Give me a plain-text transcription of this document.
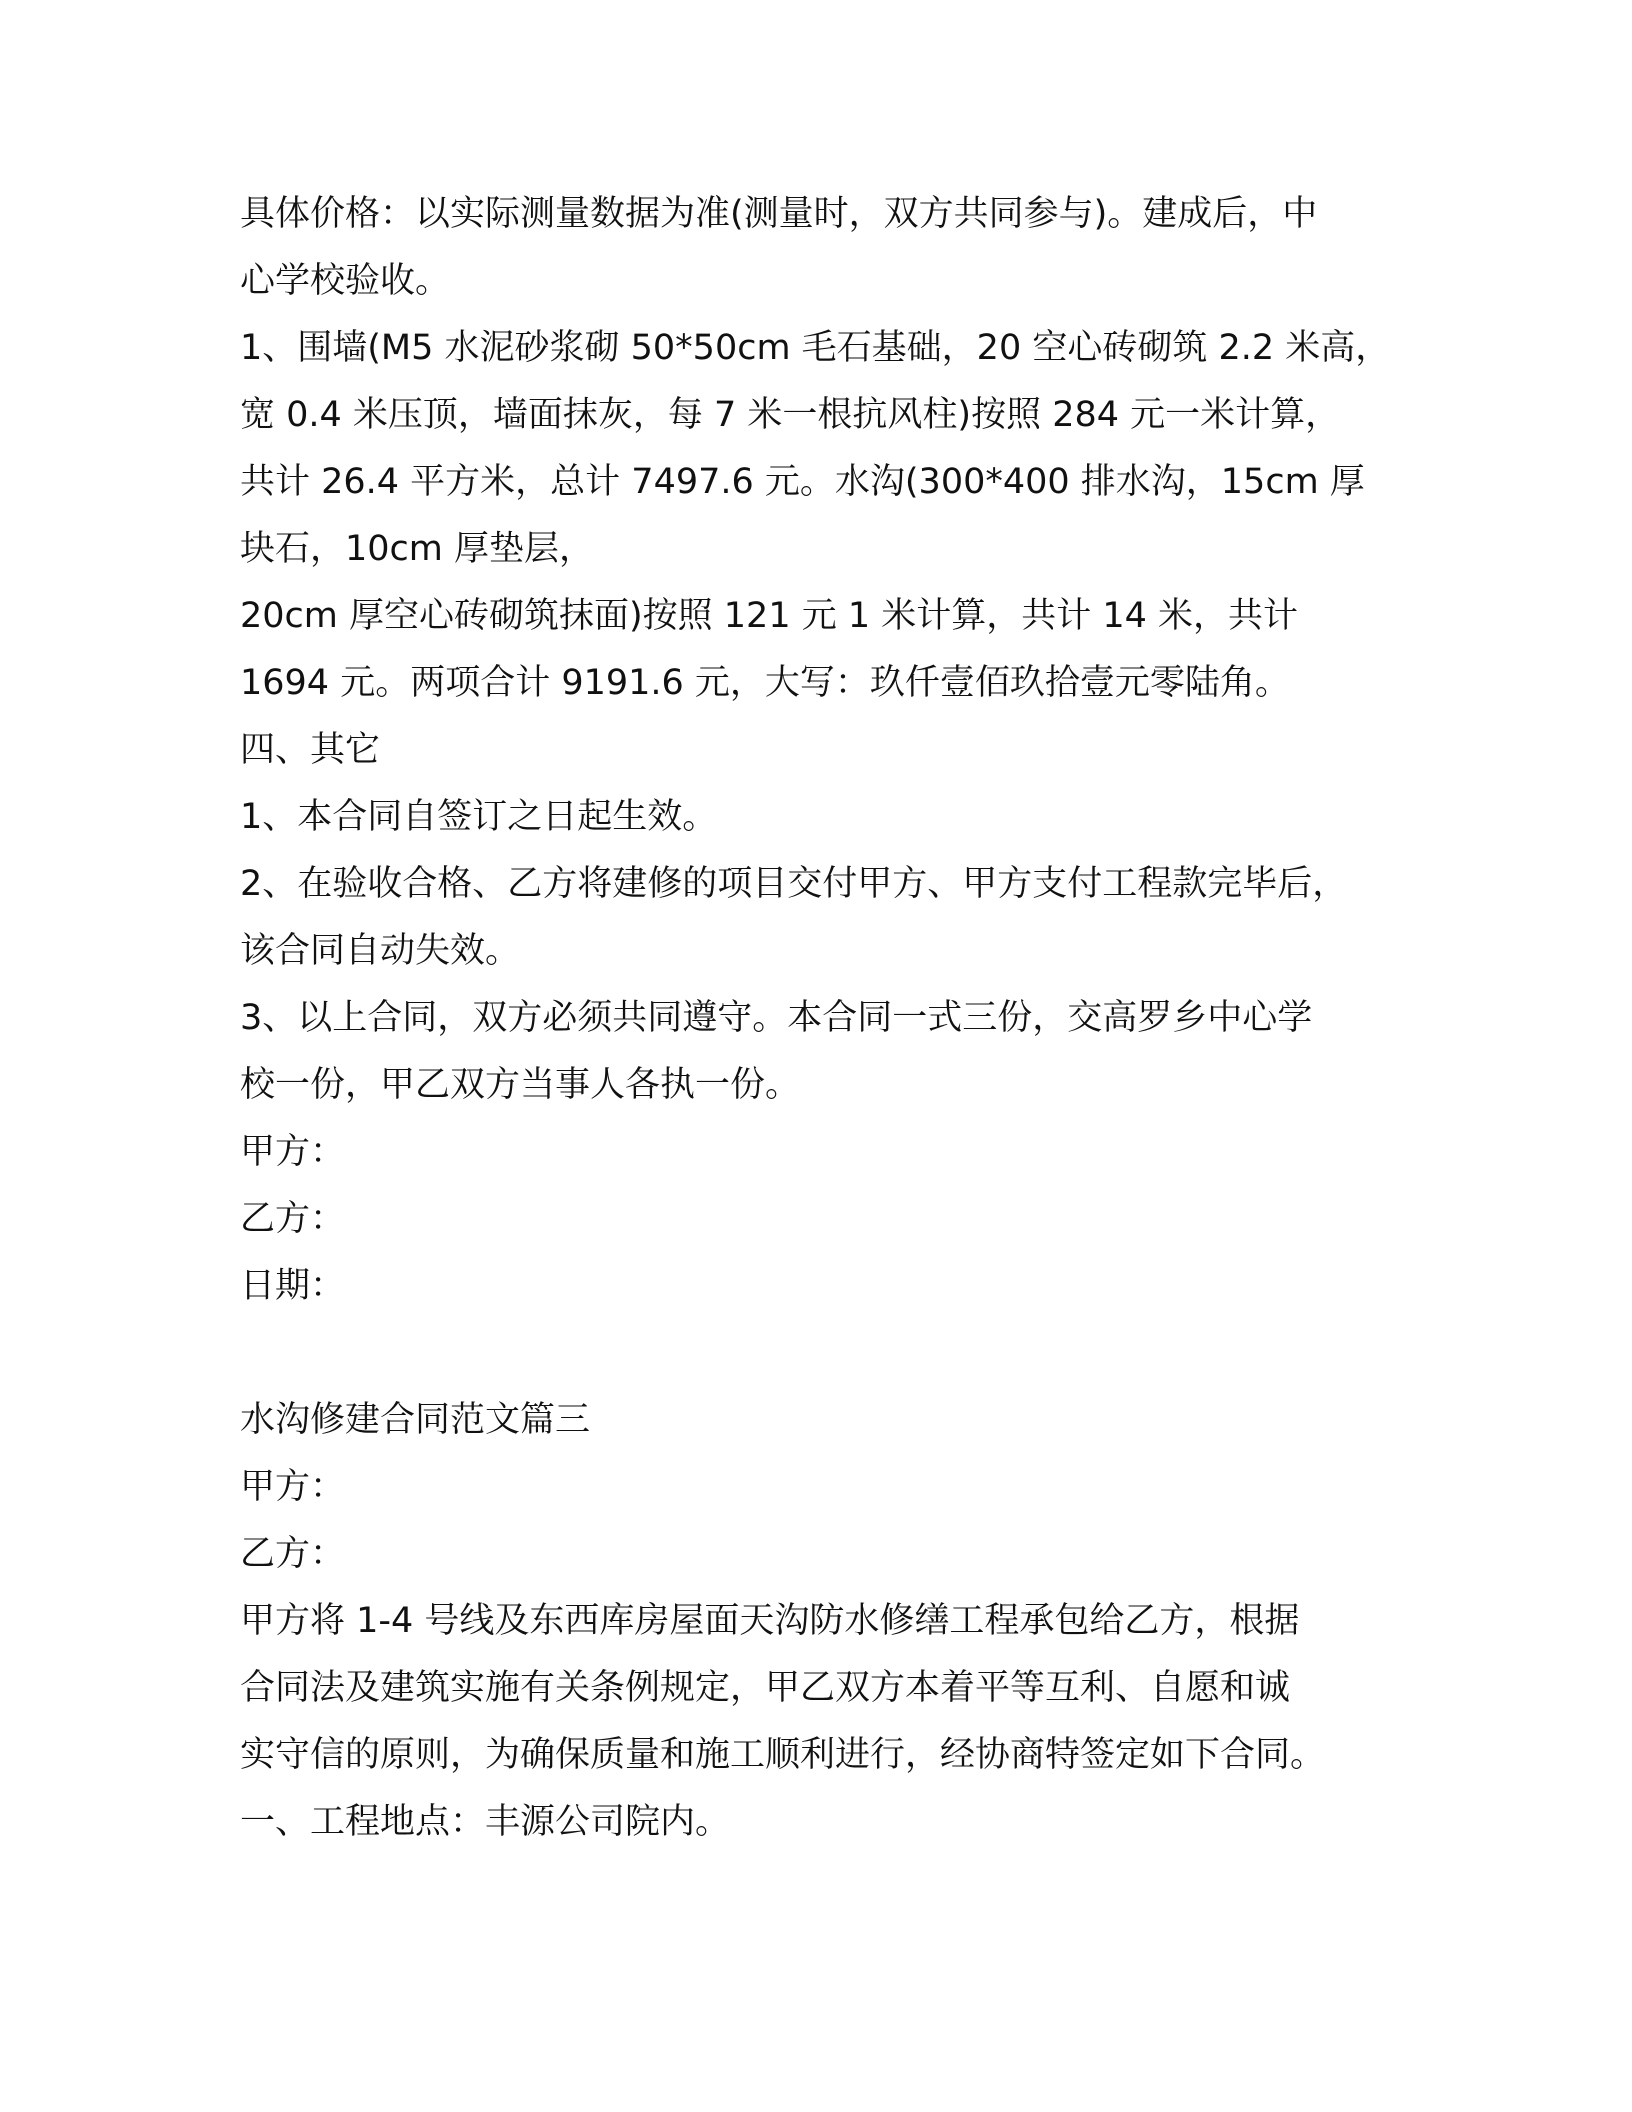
具体价格：以实际测量数据为准(测量时，双方共同参与)。建成后，中
心学校验收。
1、围墙(M5 水泥砂浆砌 50*50cm 毛石基础，20 空心砖砌筑 2.2 米高，
宽 0.4 米压顶，墙面抹灰，每 7 米一根抗风柱)按照 284 元一米计算，
共计 26.4 平方米，总计 7497.6 元。水沟(300*400 排水沟，15cm 厚
块石，10cm 厚垫层，
20cm 厚空心砖砌筑抹面)按照 121 元 1 米计算，共计 14 米，共计
1694 元。两项合计 9191.6 元，大写：玖仟壹佰玖拾壹元零陆角。
四、其它
1、本合同自签订之日起生效。
2、在验收合格、乙方将建修的项目交付甲方、甲方支付工程款完毕后，
该合同自动失效。
3、以上合同，双方必须共同遵守。本合同一式三份，交高罗乡中心学
校一份，甲乙双方当事人各执一份。
甲方：
乙方：
日期：
水沟修建合同范文篇三
甲方：
乙方：
甲方将 1-4 号线及东西库房屋面天沟防水修缮工程承包给乙方，根据
合同法及建筑实施有关条例规定，甲乙双方本着平等互利、自愿和诚
实守信的原则，为确保质量和施工顺利进行，经协商特签定如下合同。
一、工程地点：丰源公司院内。
